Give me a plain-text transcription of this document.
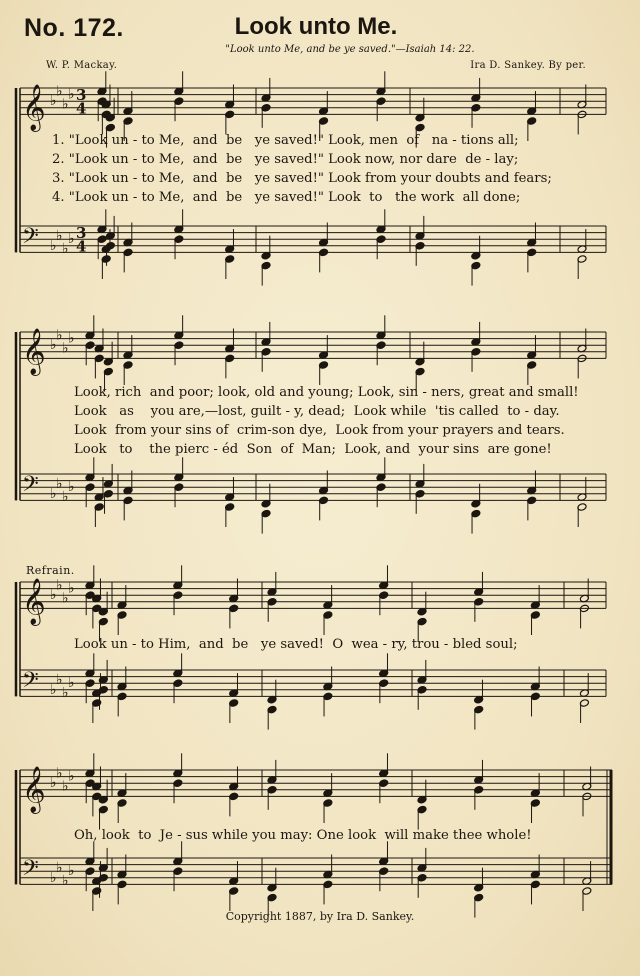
No. 172.	Look unto Me.
"Look unto Me, and be ye saved."—Isaiah 14: 22.
W. P. Mackay.	Ira D. Sankey. By per.
𝄞
𝄢
♭
♭
♭
♭
♭
♭
♭
♭
3
3
4
4
𝄞
𝄢
♭
♭
♭
♭
♭
♭
♭
♭
𝄞
𝄢
♭
♭
♭
♭
♭
♭
♭
♭
𝄞
𝄢
♭
♭
♭
♭
♭
♭
♭
♭
1. "Look un - to Me,  and  be   ye saved!" Look, men  of   na - tions all;
2. "Look un - to Me,  and  be   ye saved!" Look now, nor dare  de - lay;
3. "Look un - to Me,  and  be   ye saved!" Look from your doubts and fears;
4. "Look un - to Me,  and  be   ye saved!" Look  to   the work  all done;
Look, rich  and poor; look, old and young; Look, sin - ners, great and small!
Look   as    you are,—lost, guilt - y, dead;  Look while  'tis called  to - day.
Look  from your sins of  crim-son dye,  Look from your prayers and tears.
Look   to    the pierc - éd  Son  of  Man;  Look, and  your sins  are gone!
Refrain.
Look un - to Him,  and  be   ye saved!  O  wea - ry, trou - bled soul;
Oh, look  to  Je - sus while you may: One look  will make thee whole!
Copyright 1887, by Ira D. Sankey.
